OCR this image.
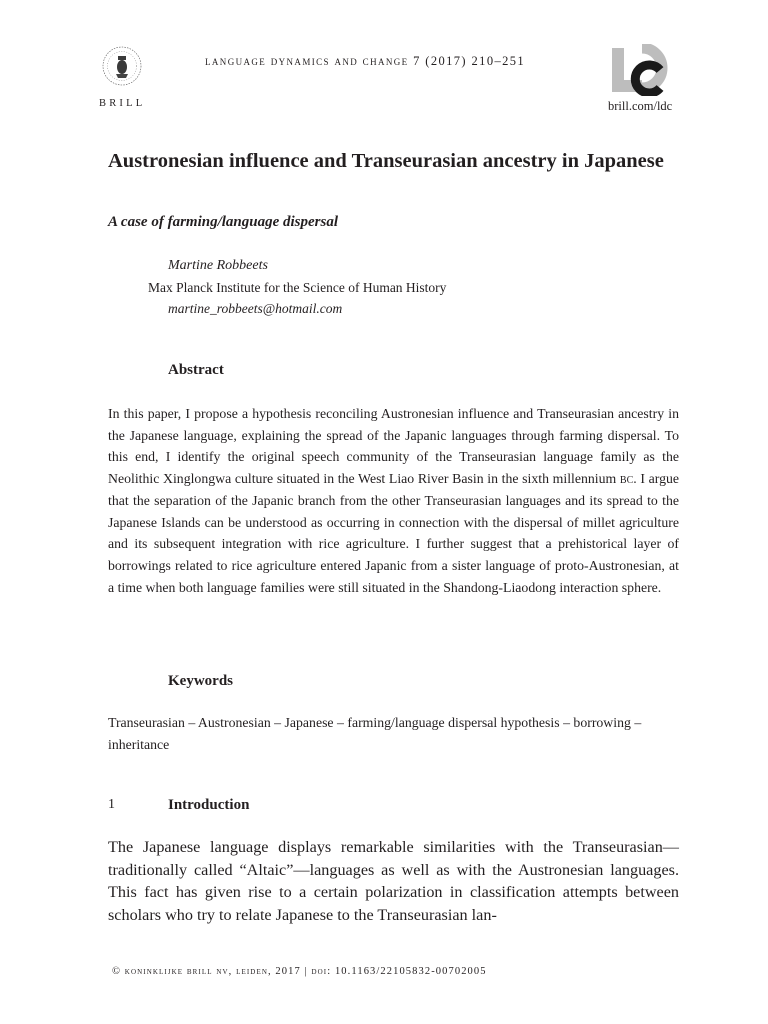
BRILL
language dynamics and change 7 (2017) 210–251
brill.com/ldc
Austronesian influence and Transeurasian ancestry in Japanese
A case of farming/language dispersal
Martine Robbeets
Max Planck Institute for the Science of Human History
martine_robbeets@hotmail.com
Abstract
In this paper, I propose a hypothesis reconciling Austronesian influence and Transeurasian ancestry in the Japanese language, explaining the spread of the Japanic languages through farming dispersal. To this end, I identify the original speech community of the Transeurasian language family as the Neolithic Xinglongwa culture situated in the West Liao River Basin in the sixth millennium bc. I argue that the separation of the Japanic branch from the other Transeurasian languages and its spread to the Japanese Islands can be understood as occurring in connection with the dispersal of millet agriculture and its subsequent integration with rice agriculture. I further suggest that a prehistorical layer of borrowings related to rice agriculture entered Japanic from a sister language of proto-Austronesian, at a time when both language families were still situated in the Shandong-Liaodong interaction sphere.
Keywords
Transeurasian – Austronesian – Japanese – farming/language dispersal hypothesis – borrowing – inheritance
1	Introduction
The Japanese language displays remarkable similarities with the Transeurasian—traditionally called “Altaic”—languages as well as with the Austronesian languages. This fact has given rise to a certain polarization in classification attempts between scholars who try to relate Japanese to the Transeurasian lan-
© koninklijke brill nv, leiden, 2017 | doi: 10.1163/22105832-00702005
